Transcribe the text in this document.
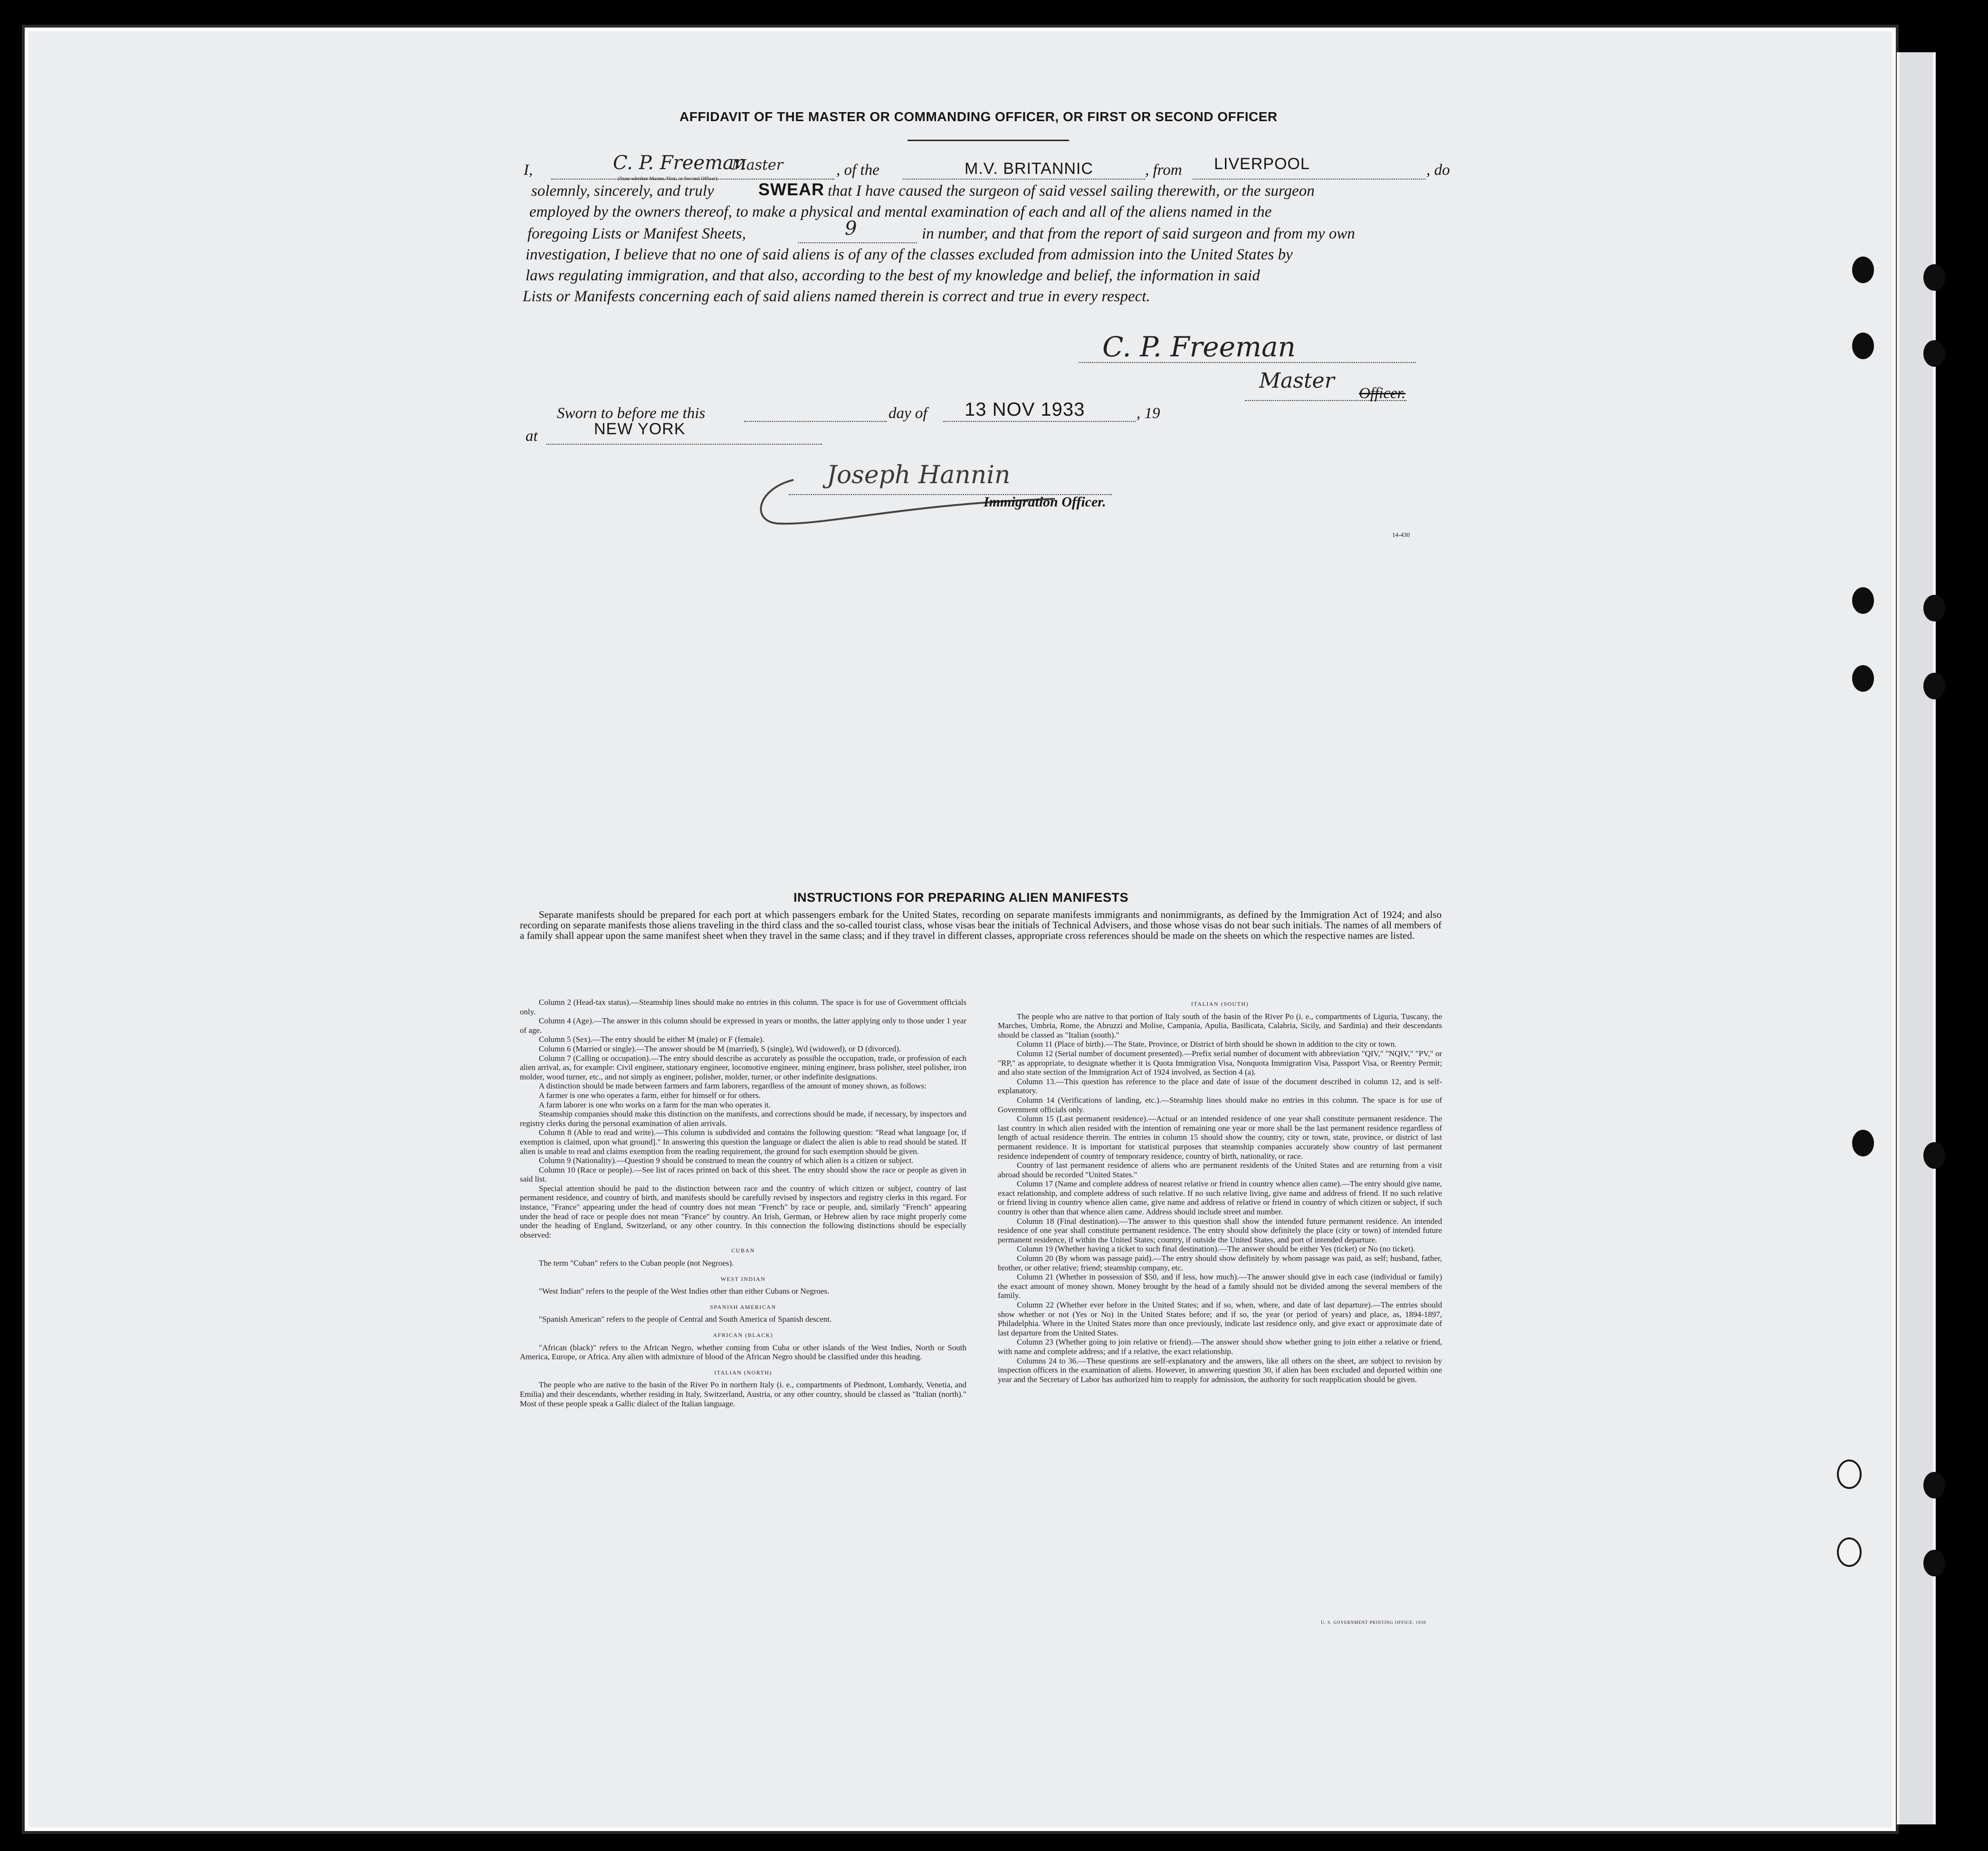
AFFIDAVIT OF THE MASTER OR COMMANDING OFFICER, OR FIRST OR SECOND OFFICER
I,	C. P. Freeman
Master
(State whether Master, First, or Second Officer)	, of the	M.V. BRITANNIC	, from LIVERPOOL	, do
solemnly, sincerely, and truly	SWEAR that I have caused the surgeon of said vessel sailing therewith, or the surgeon
employed by the owners thereof, to make a physical and mental examination of each and all of the aliens named in the
foregoing Lists or Manifest Sheets,	9	in number, and that from the report of said surgeon and from my own
investigation, I believe that no one of said aliens is of any of the classes excluded from admission into the United States by
laws regulating immigration, and that also, according to the best of my knowledge and belief, the information in said
Lists or Manifests concerning each of said aliens named therein is correct and true in every respect.
C. P. Freeman
Master
Officer.
Sworn to before me this	day of 13 NOV 1933	, 19
at	NEW YORK
Joseph Hannin
Immigration Officer.
14-430
INSTRUCTIONS FOR PREPARING ALIEN MANIFESTS
Separate manifests should be prepared for each port at which passengers embark for the United States, recording on separate manifests immigrants and nonimmigrants, as defined by the Immigration Act of 1924; and also recording on separate manifests those aliens traveling in the third class and the so-called tourist class, whose visas bear the initials of Technical Advisers, and those whose visas do not bear such initials. The names of all members of a family shall appear upon the same manifest sheet when they travel in the same class; and if they travel in different classes, appropriate cross references should be made on the sheets on which the respective names are listed.

Column 2 (Head-tax status).—Steamship lines should make no entries in this column. The space is for use of Government officials only.

Column 4 (Age).—The answer in this column should be expressed in years or months, the latter applying only to those under 1 year of age.

Column 5 (Sex).—The entry should be either M (male) or F (female).

Column 6 (Married or single).—The answer should be M (married), S (single), Wd (widowed), or D (divorced).

Column 7 (Calling or occupation).—The entry should describe as accurately as possible the occupation, trade, or profession of each alien arrival, as, for example: Civil engineer, stationary engineer, locomotive engineer, mining engineer, brass polisher, steel polisher, iron molder, wood turner, etc., and not simply as engineer, polisher, molder, turner, or other indefinite designations.

A distinction should be made between farmers and farm laborers, regardless of the amount of money shown, as follows:

A farmer is one who operates a farm, either for himself or for others.

A farm laborer is one who works on a farm for the man who operates it.

Steamship companies should make this distinction on the manifests, and corrections should be made, if necessary, by inspectors and registry clerks during the personal examination of alien arrivals.

Column 8 (Able to read and write).—This column is subdivided and contains the following question: "Read what language [or, if exemption is claimed, upon what ground]." In answering this question the language or dialect the alien is able to read should be stated. If alien is unable to read and claims exemption from the reading requirement, the ground for such exemption should be given.

Column 9 (Nationality).—Question 9 should be construed to mean the country of which alien is a citizen or subject.

Column 10 (Race or people).—See list of races printed on back of this sheet. The entry should show the race or people as given in said list.

Special attention should be paid to the distinction between race and the country of which citizen or subject, country of last permanent residence, and country of birth, and manifests should be carefully revised by inspectors and registry clerks in this regard. For instance, "France" appearing under the head of country does not mean "French" by race or people, and, similarly "French" appearing under the head of race or people does not mean "France" by country. An Irish, German, or Hebrew alien by race might properly come under the heading of England, Switzerland, or any other country. In this connection the following distinctions should be especially observed:

CUBAN

The term "Cuban" refers to the Cuban people (not Negroes).

WEST INDIAN

"West Indian" refers to the people of the West Indies other than either Cubans or Negroes.

SPANISH AMERICAN

"Spanish American" refers to the people of Central and South America of Spanish descent.

AFRICAN (BLACK)

"African (black)" refers to the African Negro, whether coming from Cuba or other islands of the West Indies, North or South America, Europe, or Africa. Any alien with admixture of blood of the African Negro should be classified under this heading.

ITALIAN (NORTH)

The people who are native to the basin of the River Po in northern Italy (i. e., compartments of Piedmont, Lombardy, Venetia, and Emilia) and their descendants, whether residing in Italy, Switzerland, Austria, or any other country, should be classed as "Italian (north)." Most of these people speak a Gallic dialect of the Italian language.

ITALIAN (SOUTH)

The people who are native to that portion of Italy south of the basin of the River Po (i. e., compartments of Liguria, Tuscany, the Marches, Umbria, Rome, the Abruzzi and Molise, Campania, Apulia, Basilicata, Calabria, Sicily, and Sardinia) and their descendants should be classed as "Italian (south)."

Column 11 (Place of birth).—The State, Province, or District of birth should be shown in addition to the city or town.

Column 12 (Serial number of document presented).—Prefix serial number of document with abbreviation "QIV," "NQIV," "PV," or "RP," as appropriate, to designate whether it is Quota Immigration Visa, Nonquota Immigration Visa, Passport Visa, or Reentry Permit; and also state section of the Immigration Act of 1924 involved, as Section 4 (a).

Column 13.—This question has reference to the place and date of issue of the document described in column 12, and is self-explanatory.

Column 14 (Verifications of landing, etc.).—Steamship lines should make no entries in this column. The space is for use of Government officials only.

Column 15 (Last permanent residence).—Actual or an intended residence of one year shall constitute permanent residence. The last country in which alien resided with the intention of remaining one year or more shall be the last permanent residence regardless of length of actual residence therein. The entries in column 15 should show the country, city or town, state, province, or district of last permanent residence. It is important for statistical purposes that steamship companies accurately show country of last permanent residence independent of country of temporary residence, country of birth, nationality, or race.

Country of last permanent residence of aliens who are permanent residents of the United States and are returning from a visit abroad should be recorded "United States."

Column 17 (Name and complete address of nearest relative or friend in country whence alien came).—The entry should give name, exact relationship, and complete address of such relative. If no such relative living, give name and address of friend. If no such relative or friend living in country whence alien came, give name and address of relative or friend in country of which citizen or subject, if such country is other than that whence alien came. Address should include street and number.

Column 18 (Final destination).—The answer to this question shall show the intended future permanent residence. An intended residence of one year shall constitute permanent residence. The entry should show definitely the place (city or town) of intended future permanent residence, if within the United States; country, if outside the United States, and port of intended departure.

Column 19 (Whether having a ticket to such final destination).—The answer should be either Yes (ticket) or No (no ticket).

Column 20 (By whom was passage paid).—The entry should show definitely by whom passage was paid, as self; husband, father, brother, or other relative; friend; steamship company, etc.

Column 21 (Whether in possession of $50, and if less, how much).—The answer should give in each case (individual or family) the exact amount of money shown. Money brought by the head of a family should not be divided among the several members of the family.

Column 22 (Whether ever before in the United States; and if so, when, where, and date of last departure).—The entries should show whether or not (Yes or No) in the United States before; and if so, the year (or period of years) and place, as, 1894-1897, Philadelphia. Where in the United States more than once previously, indicate last residence only, and give exact or approximate date of last departure from the United States.

Column 23 (Whether going to join relative or friend).—The answer should show whether going to join either a relative or friend, with name and complete address; and if a relative, the exact relationship.

Columns 24 to 36.—These questions are self-explanatory and the answers, like all others on the sheet, are subject to revision by inspection officers in the examination of aliens. However, in answering question 30, if alien has been excluded and deported within one year and the Secretary of Labor has authorized him to reapply for admission, the authority for such reapplication should be given.

U. S. GOVERNMENT PRINTING OFFICE: 1930
